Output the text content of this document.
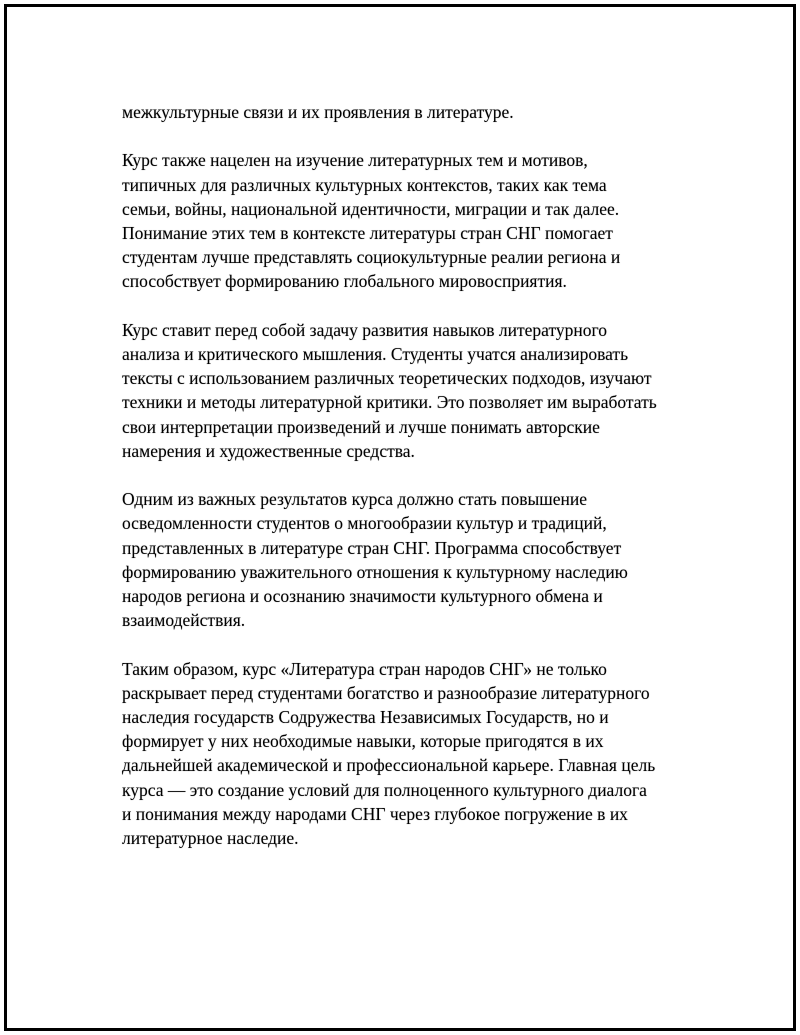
межкультурные связи и их проявления в литературе.

Курс также нацелен на изучение литературных тем и мотивов,
типичных для различных культурных контекстов, таких как тема
семьи, войны, национальной идентичности, миграции и так далее.
Понимание этих тем в контексте литературы стран СНГ помогает
студентам лучше представлять социокультурные реалии региона и
способствует формированию глобального мировосприятия.

Курс ставит перед собой задачу развития навыков литературного
анализа и критического мышления. Студенты учатся анализировать
тексты с использованием различных теоретических подходов, изучают
техники и методы литературной критики. Это позволяет им выработать
свои интерпретации произведений и лучше понимать авторские
намерения и художественные средства.

Одним из важных результатов курса должно стать повышение
осведомленности студентов о многообразии культур и традиций,
представленных в литературе стран СНГ. Программа способствует
формированию уважительного отношения к культурному наследию
народов региона и осознанию значимости культурного обмена и
взаимодействия.

Таким образом, курс «Литература стран народов СНГ» не только
раскрывает перед студентами богатство и разнообразие литературного
наследия государств Содружества Независимых Государств, но и
формирует у них необходимые навыки, которые пригодятся в их
дальнейшей академической и профессиональной карьере. Главная цель
курса — это создание условий для полноценного культурного диалога
и понимания между народами СНГ через глубокое погружение в их
литературное наследие.
